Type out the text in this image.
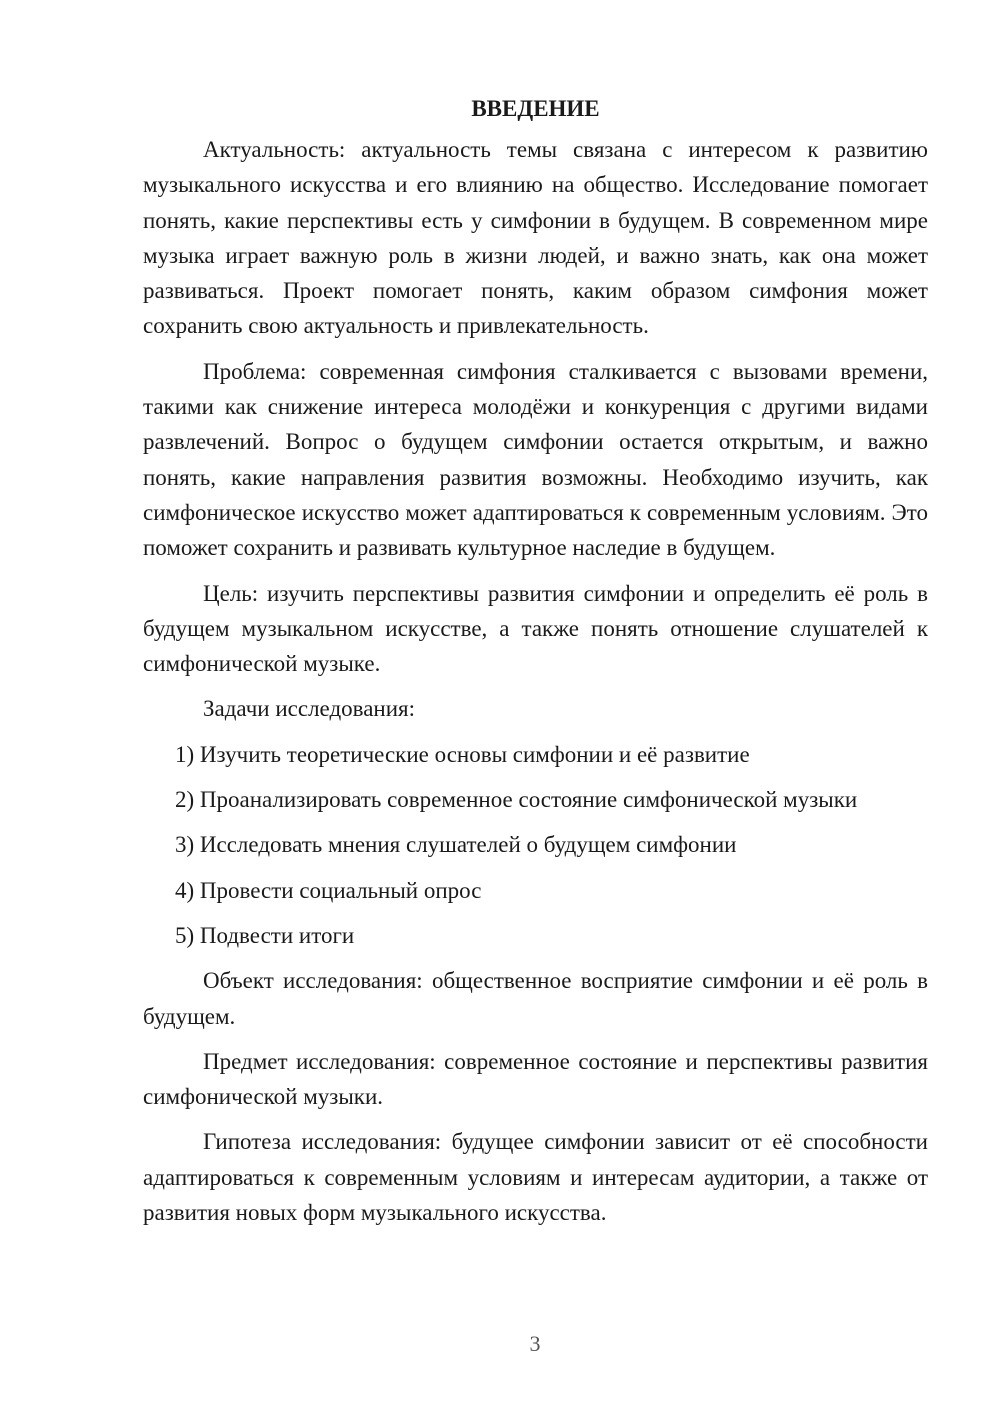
ВВЕДЕНИЕ

Актуальность: актуальность темы связана с интересом к развитию музыкального искусства и его влиянию на общество. Исследование помогает понять, какие перспективы есть у симфонии в будущем. В современном мире музыка играет важную роль в жизни людей, и важно знать, как она может развиваться. Проект помогает понять, каким образом симфония может сохранить свою актуальность и привлекательность.

Проблема: современная симфония сталкивается с вызовами времени, такими как снижение интереса молодёжи и конкуренция с другими видами развлечений. Вопрос о будущем симфонии остается открытым, и важно понять, какие направления развития возможны. Необходимо изучить, как симфоническое искусство может адаптироваться к современным условиям. Это поможет сохранить и развивать культурное наследие в будущем.

Цель: изучить перспективы развития симфонии и определить её роль в будущем музыкальном искусстве, а также понять отношение слушателей к симфонической музыке.

Задачи исследования:

1) Изучить теоретические основы симфонии и её развитие
2) Проанализировать современное состояние симфонической музыки
3) Исследовать мнения слушателей о будущем симфонии
4) Провести социальный опрос
5) Подвести итоги

Объект исследования: общественное восприятие симфонии и её роль в будущем.

Предмет исследования: современное состояние и перспективы развития симфонической музыки.

Гипотеза исследования: будущее симфонии зависит от её способности адаптироваться к современным условиям и интересам аудитории, а также от развития новых форм музыкального искусства.

3
